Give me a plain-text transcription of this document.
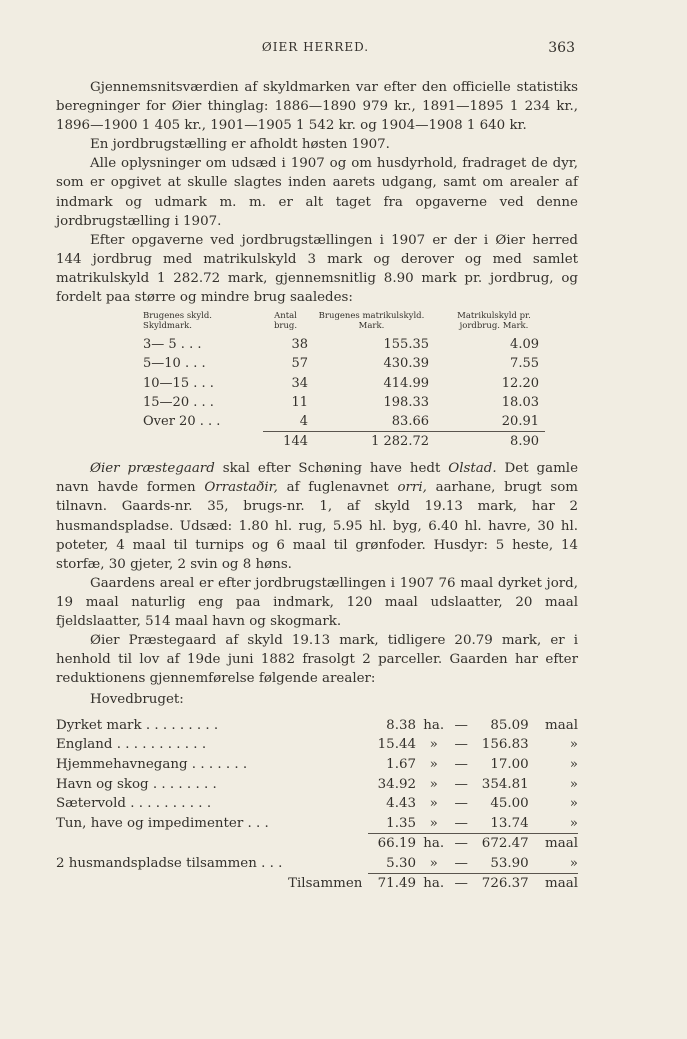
ØIER HERRED.	363

Gjennemsnitsværdien af skyldmarken var efter den officielle statistiks beregninger for Øier thinglag: 1886—1890 979 kr., 1891—1895 1 234 kr., 1896—1900 1 405 kr., 1901—1905 1 542 kr. og 1904—1908 1 640 kr.

En jordbrugstælling er afholdt høsten 1907.

Alle oplysninger om udsæd i 1907 og om husdyrhold, fradraget de dyr, som er opgivet at skulle slagtes inden aarets udgang, samt om arealer af indmark og udmark m. m. er alt taget fra opgaverne ved denne jordbrugstælling i 1907.

Efter opgaverne ved jordbrugstællingen i 1907 er der i Øier herred 144 jordbrug med matrikulskyld 3 mark og derover og med samlet matrikulskyld 1 282.72 mark, gjennemsnitlig 8.90 mark pr. jordbrug, og fordelt paa større og mindre brug saaledes:

Brugenes skyld. Skyldmark.	Antal brug.	Brugenes matrikulskyld. Mark.	Matrikulskyld pr. jordbrug. Mark.
3— 5 . . .	38	155.35	4.09
5—10 . . .	57	430.39	7.55
10—15 . . .	34	414.99	12.20
15—20 . . .	11	198.33	18.03
Over 20 . . .	4	83.66	20.91
	144	1 282.72	8.90

Øier præstegaard skal efter Schøning have hedt Olstad. Det gamle navn havde formen Orrastaðir, af fuglenavnet orri, aarhane, brugt som tilnavn. Gaards-nr. 35, brugs-nr. 1, af skyld 19.13 mark, har 2 husmandspladse. Udsæd: 1.80 hl. rug, 5.95 hl. byg, 6.40 hl. havre, 30 hl. poteter, 4 maal til turnips og 6 maal til grønfoder. Husdyr: 5 heste, 14 storfæ, 30 gjeter, 2 svin og 8 høns.

Gaardens areal er efter jordbrugstællingen i 1907 76 maal dyrket jord, 19 maal naturlig eng paa indmark, 120 maal udslaatter, 20 maal fjeldslaatter, 514 maal havn og skogmark.

Øier Præstegaard af skyld 19.13 mark, tidligere 20.79 mark, er i henhold til lov af 19de juni 1882 frasolgt 2 parceller. Gaarden har efter reduktionens gjennemførelse følgende arealer:

Hovedbruget:

Dyrket mark . . . . . . . . .	8.38	ha.	—	85.09	maal
England . . . . . . . . . . .	15.44	»	—	156.83	»
Hjemmehavnegang . . . . . . .	1.67	»	—	17.00	»
Havn og skog . . . . . . . .	34.92	»	—	354.81	»
Sætervold . . . . . . . . . .	4.43	»	—	45.00	»
Tun, have og impedimenter . . .	1.35	»	—	13.74	»
	66.19	ha.	—	672.47	maal
2 husmandspladse tilsammen . . .	5.30	»	—	53.90	»
Tilsammen	71.49	ha.	—	726.37	maal
